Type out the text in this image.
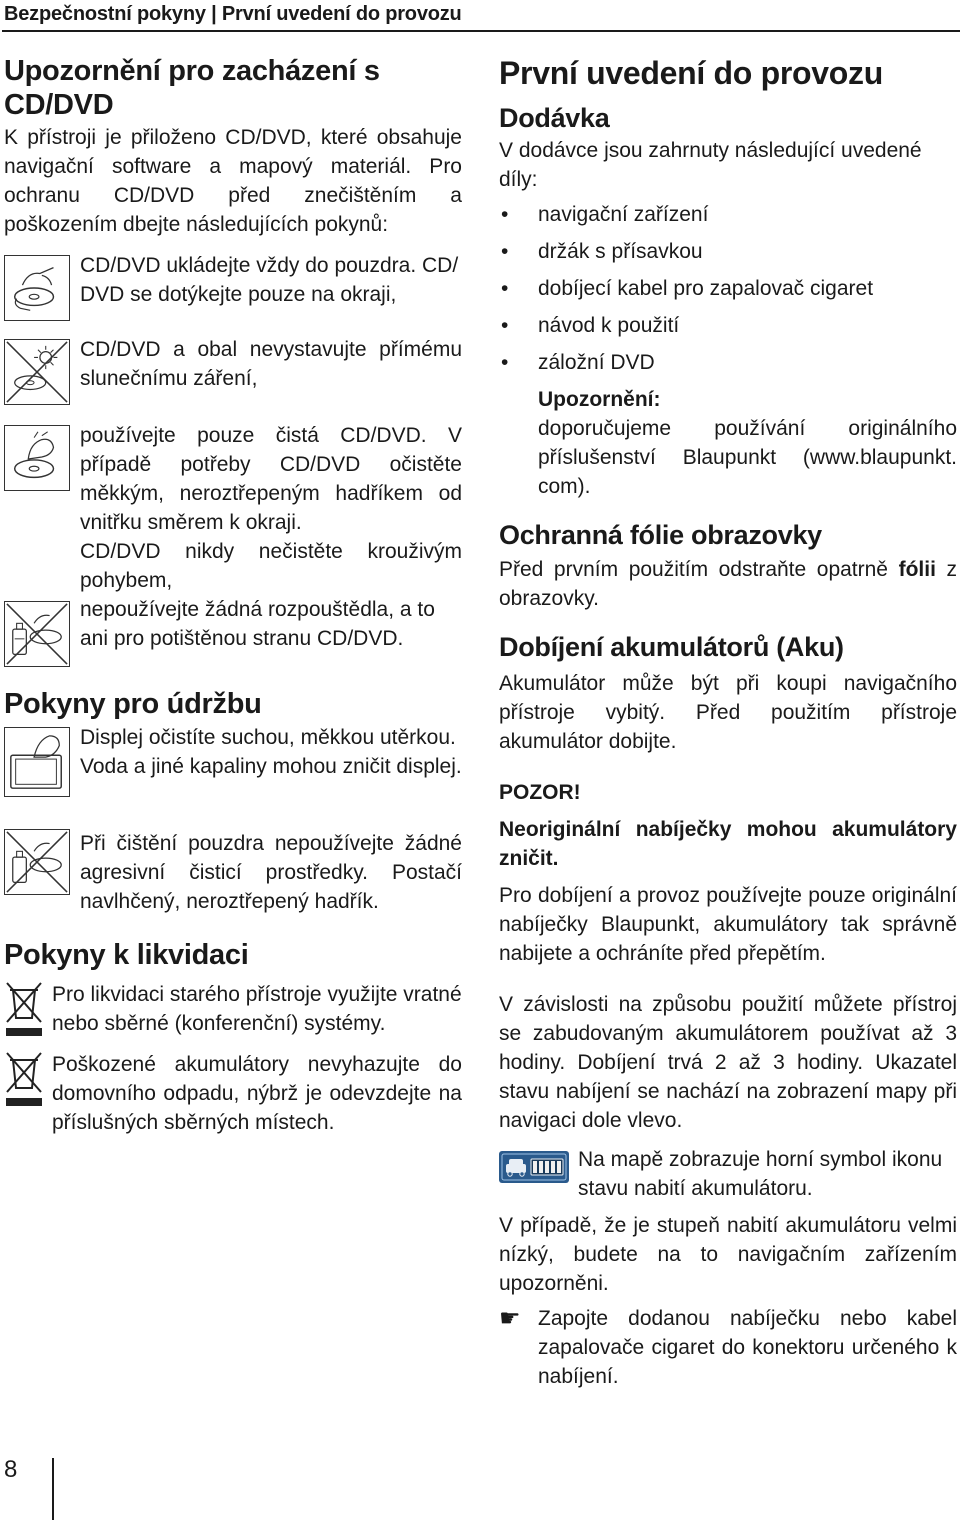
Bezpečnostní pokyny | První uvedení do provozu
Upozornění pro zacházení s CD/DVD

K přístroji je přiloženo CD/DVD, které obsahuje navigační software a mapový materiál. Pro ochranu CD/DVD před znečištěním a poškozením dbejte následujících pokynů:

CD/DVD ukládejte vždy do pouzdra. CD/ DVD se dotýkejte pouze na okraji,

CD/DVD a obal nevystavujte přímému slunečnímu záření,

používejte pouze čistá CD/DVD. V případě potřeby CD/DVD očistěte měkkým, neroztřepeným hadříkem od vnitřku směrem k okraji.

CD/DVD nikdy nečistěte krouživým pohybem,

nepoužívejte žádná rozpouštědla, a to ani pro potištěnou stranu CD/DVD.

Pokyny pro údržbu

Displej očistíte suchou, měkkou utěrkou. Voda a jiné kapaliny mohou zničit displej.

Při čištění pouzdra nepoužívejte žádné agresivní čisticí prostředky. Postačí navlhčený, neroztřepený hadřík.

Pokyny k likvidaci

Pro likvidaci starého přístroje využijte vratné nebo sběrné (konferenční) systémy.

Poškozené akumulátory nevyhazujte do domovního odpadu, nýbrž je odevzdejte na příslušných sběrných místech.

První uvedení do provozu
Dodávka

V dodávce jsou zahrnuty následující uvedené díly:

• navigační zařízení
• držák s přísavkou
• dobíjecí kabel pro zapalovač cigaret
• návod k použití
• záložní DVD

Upozornění:

doporučujeme používání originálního příslušenství Blaupunkt (www.blaupunkt. com).

Ochranná fólie obrazovky

Před prvním použitím odstraňte opatrně fólii z obrazovky.

Dobíjení akumulátorů (Aku)

Akumulátor může být při koupi navigačního přístroje vybitý. Před použitím přístroje akumulátor dobijte.

POZOR!

Neoriginální nabíječky mohou akumulátory zničit.

Pro dobíjení a provoz používejte pouze originální nabíječky Blaupunkt, akumulátory tak správně nabijete a ochráníte před přepětím.

V závislosti na způsobu použití můžete přístroj se zabudovaným akumulátorem používat až 3 hodiny. Dobíjení trvá 2 až 3 hodiny. Ukazatel stavu nabíjení se nachází na zobrazení mapy při navigaci dole vlevo.

Na mapě zobrazuje horní symbol ikonu stavu nabití akumulátoru.

V případě, že je stupeň nabití akumulátoru velmi nízký, budete na to navigačním zařízením upozorněni.

☛ Zapojte dodanou nabíječku nebo kabel zapalovače cigaret do konektoru určeného k nabíjení.

8
